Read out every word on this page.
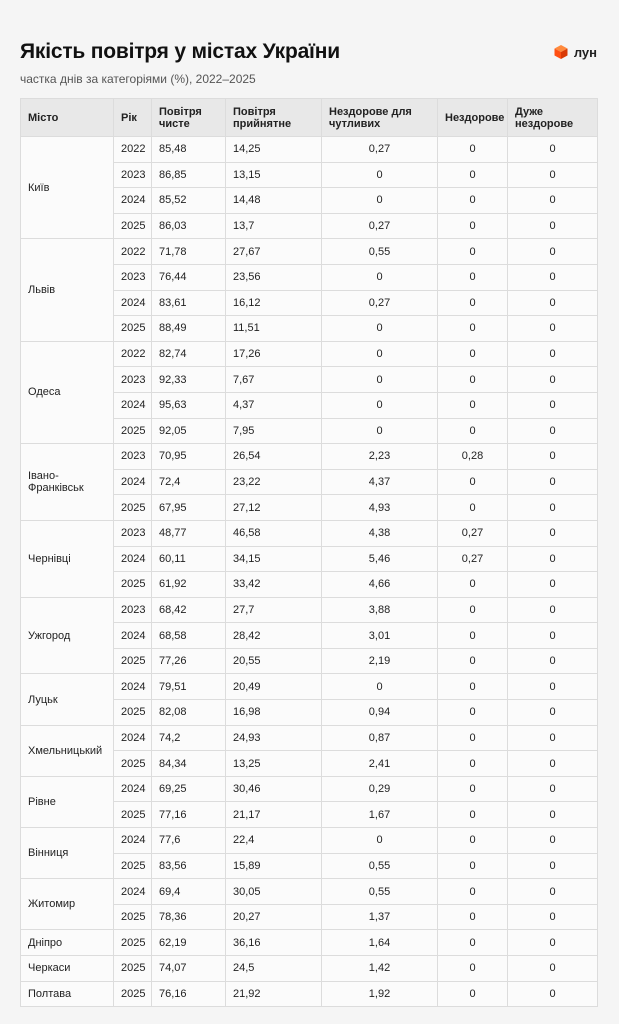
Якість повітря у містах України

частка днів за категоріями (%), 2022–2025

лун
Місто	Рік	Повітря чисте	Повітря прийнятне	Нездорове для чутливих	Нездорове	Дуже нездорове
Київ	2022	85,48	14,25	0,27	0	0
	2023	86,85	13,15	0	0	0
	2024	85,52	14,48	0	0	0
	2025	86,03	13,7	0,27	0	0
Львів	2022	71,78	27,67	0,55	0	0
	2023	76,44	23,56	0	0	0
	2024	83,61	16,12	0,27	0	0
	2025	88,49	11,51	0	0	0
Одеса	2022	82,74	17,26	0	0	0
	2023	92,33	7,67	0	0	0
	2024	95,63	4,37	0	0	0
	2025	92,05	7,95	0	0	0
Івано-Франківськ	2023	70,95	26,54	2,23	0,28	0
	2024	72,4	23,22	4,37	0	0
	2025	67,95	27,12	4,93	0	0
Чернівці	2023	48,77	46,58	4,38	0,27	0
	2024	60,11	34,15	5,46	0,27	0
	2025	61,92	33,42	4,66	0	0
Ужгород	2023	68,42	27,7	3,88	0	0
	2024	68,58	28,42	3,01	0	0
	2025	77,26	20,55	2,19	0	0
Луцьк	2024	79,51	20,49	0	0	0
	2025	82,08	16,98	0,94	0	0
Хмельницький	2024	74,2	24,93	0,87	0	0
	2025	84,34	13,25	2,41	0	0
Рівне	2024	69,25	30,46	0,29	0	0
	2025	77,16	21,17	1,67	0	0
Вінниця	2024	77,6	22,4	0	0	0
	2025	83,56	15,89	0,55	0	0
Житомир	2024	69,4	30,05	0,55	0	0
	2025	78,36	20,27	1,37	0	0
Дніпро	2025	62,19	36,16	1,64	0	0
Черкаси	2025	74,07	24,5	1,42	0	0
Полтава	2025	76,16	21,92	1,92	0	0
